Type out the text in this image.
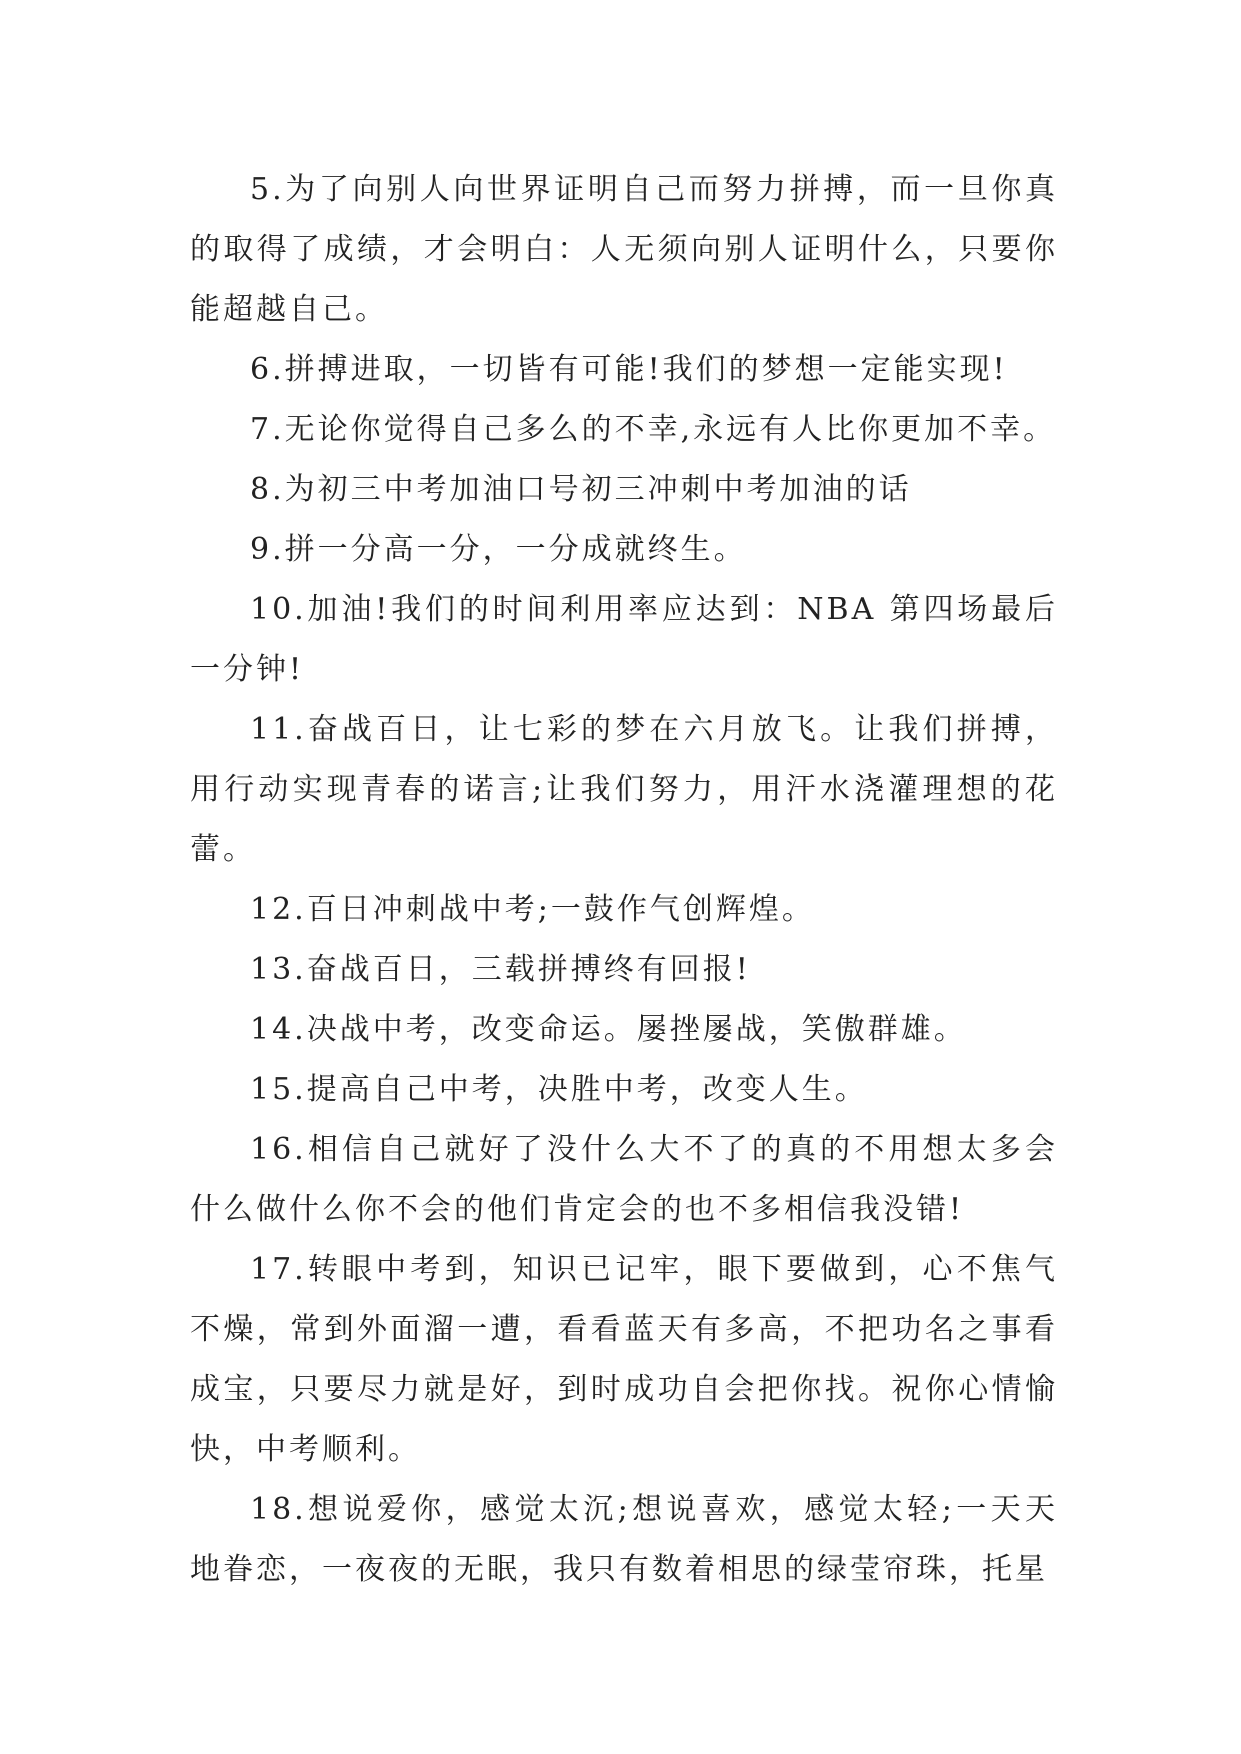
5.为了向别人向世界证明自己而努力拼搏，而一旦你真的取得了成绩，才会明白：人无须向别人证明什么，只要你能超越自己。

6.拼搏进取，一切皆有可能!我们的梦想一定能实现!

7.无论你觉得自己多么的不幸,永远有人比你更加不幸。

8.为初三中考加油口号初三冲刺中考加油的话

9.拼一分高一分，一分成就终生。

10.加油!我们的时间利用率应达到：NBA 第四场最后一分钟!

11.奋战百日，让七彩的梦在六月放飞。让我们拼搏，用行动实现青春的诺言;让我们努力，用汗水浇灌理想的花蕾。

12.百日冲刺战中考;一鼓作气创辉煌。

13.奋战百日，三载拼搏终有回报!

14.决战中考，改变命运。屡挫屡战，笑傲群雄。

15.提高自己中考，决胜中考，改变人生。

16.相信自己就好了没什么大不了的真的不用想太多会什么做什么你不会的他们肯定会的也不多相信我没错!

17.转眼中考到，知识已记牢，眼下要做到，心不焦气不燥，常到外面溜一遭，看看蓝天有多高，不把功名之事看成宝，只要尽力就是好，到时成功自会把你找。祝你心情愉快，中考顺利。

18.想说爱你，感觉太沉;想说喜欢，感觉太轻;一天天地眷恋，一夜夜的无眠，我只有数着相思的绿莹帘珠，托星
